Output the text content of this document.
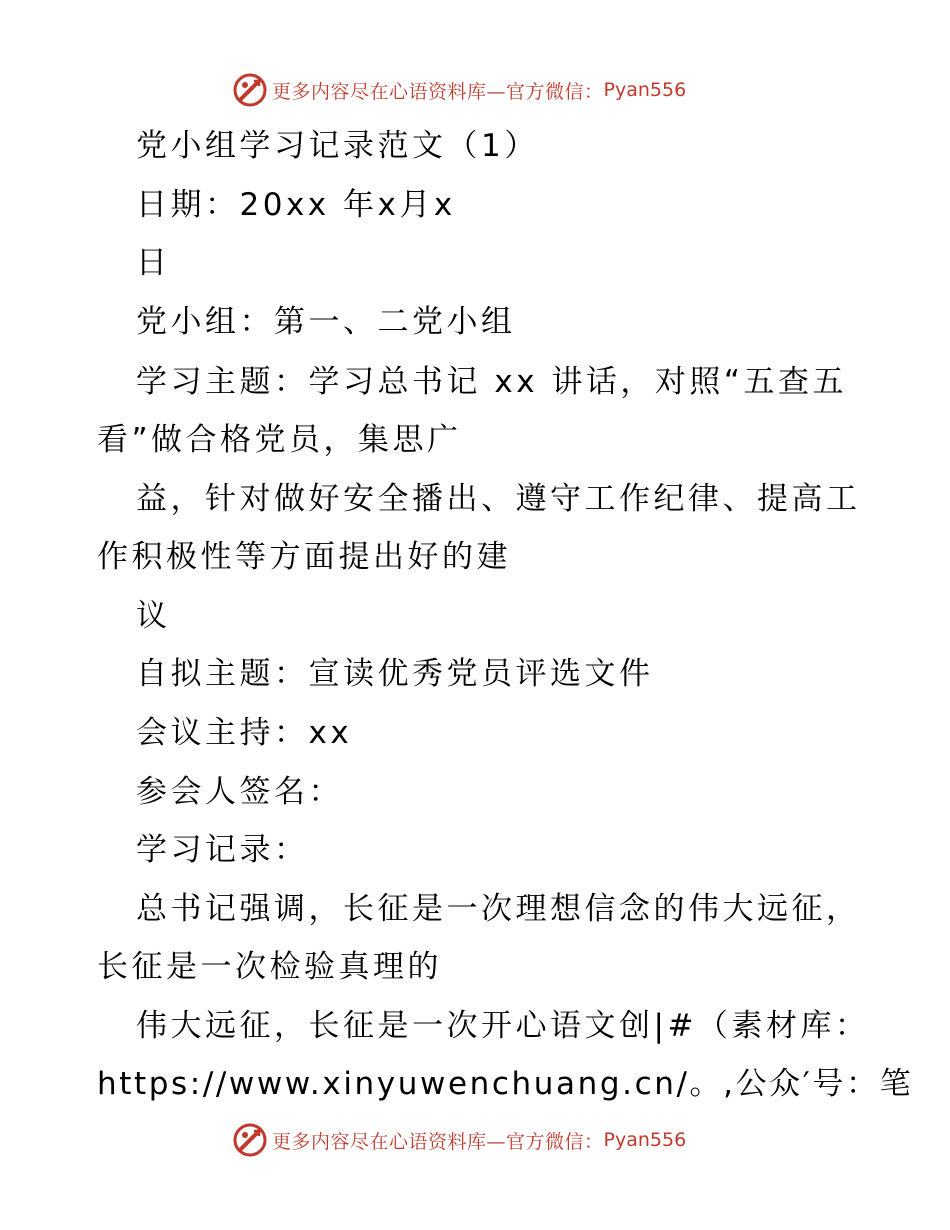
更多内容尽在心语资料库—官方微信： Pyan556
党小组学习记录范文（1）
日期：20xx 年x月x
日
党小组：第一、二党小组
学习主题：学习总书记 xx 讲话，对照“五查五
看”做合格党员，集思广
益，针对做好安全播出、遵守工作纪律、提高工
作积极性等方面提出好的建
议
自拟主题：宣读优秀党员评选文件
会议主持：xx
参会人签名：
学习记录：
总书记强调，长征是一次理想信念的伟大远征，
长征是一次检验真理的
伟大远征，长征是一次开心语文创|#（素材库：
https://www.xinyuwenchuang.cn/。,公众′号：笔
更多内容尽在心语资料库—官方微信： Pyan556
